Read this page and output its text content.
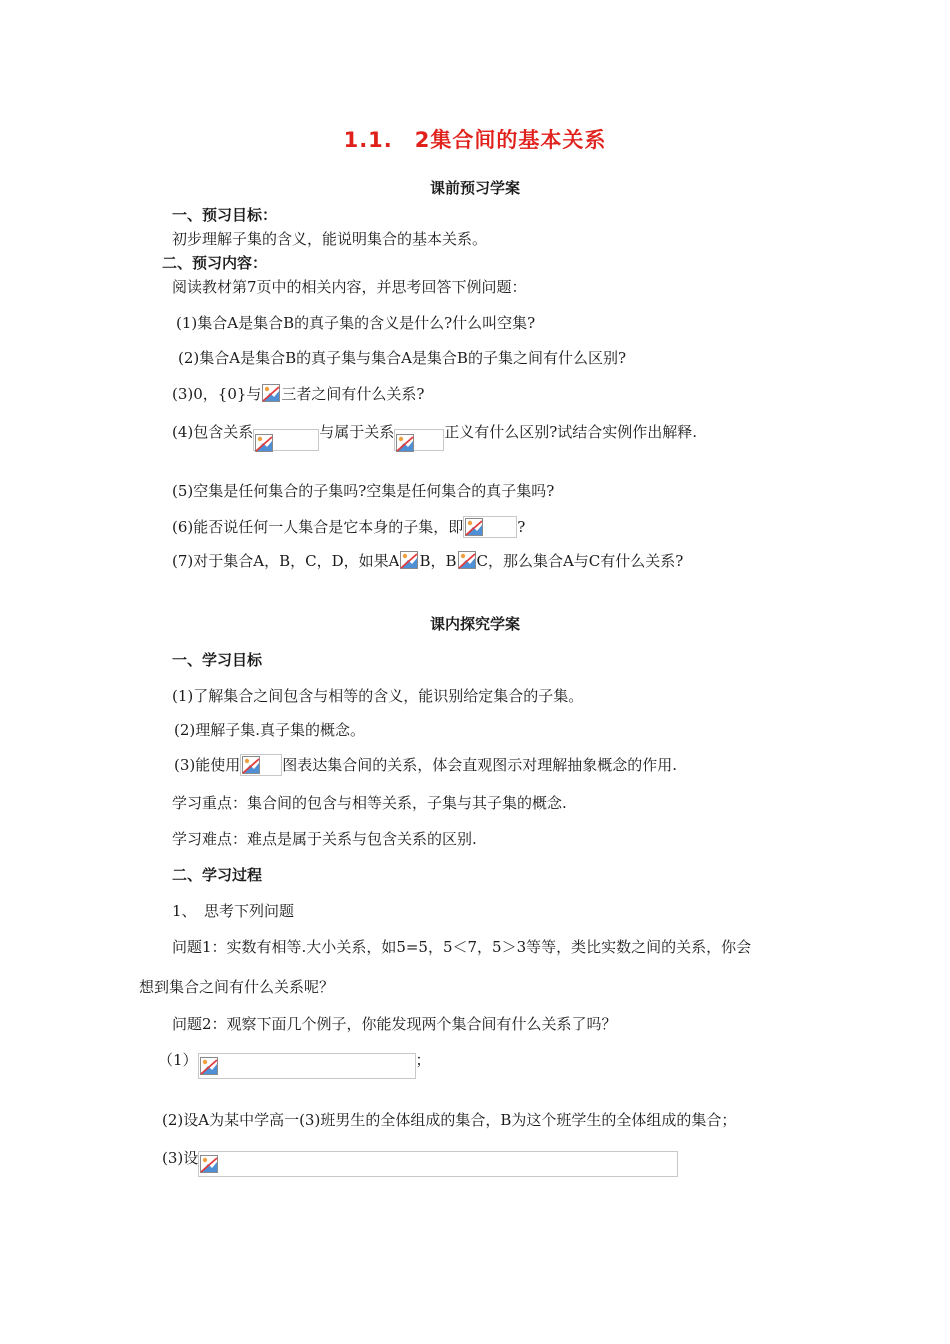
1.1.　2集合间的基本关系
课前预习学案
一、预习目标：
初步理解子集的含义，能说明集合的基本关系。
二、预习内容：
阅读教材第7页中的相关内容，并思考回答下例问题：
(1)集合A是集合B的真子集的含义是什么?什么叫空集?
(2)集合A是集合B的真子集与集合A是集合B的子集之间有什么区别?
(3)0，{0}与 三者之间有什么关系?
(4)包含关系	与属于关系	正义有什么区别?试结合实例作出解释.
(5)空集是任何集合的子集吗?空集是任何集合的真子集吗?
(6)能否说任何一人集合是它本身的子集，即	?
(7)对于集合A，B，C，D，如果A B，B C，那么集合A与C有什么关系?
课内探究学案
一、学习目标
(1)了解集合之间包含与相等的含义，能识别给定集合的子集。
(2)理解子集.真子集的概念。
(3)能使用	图表达集合间的关系，体会直观图示对理解抽象概念的作用.
学习重点：集合间的包含与相等关系，子集与其子集的概念.
学习难点：难点是属于关系与包含关系的区别.
二、学习过程
1、　思考下列问题
问题1：实数有相等.大小关系，如5=5，5＜7，5＞3等等，类比实数之间的关系，你会
想到集合之间有什么关系呢？
问题2：观察下面几个例子，你能发现两个集合间有什么关系了吗？
（1）	；
(2)设A为某中学高一(3)班男生的全体组成的集合，B为这个班学生的全体组成的集合；
(3)设
